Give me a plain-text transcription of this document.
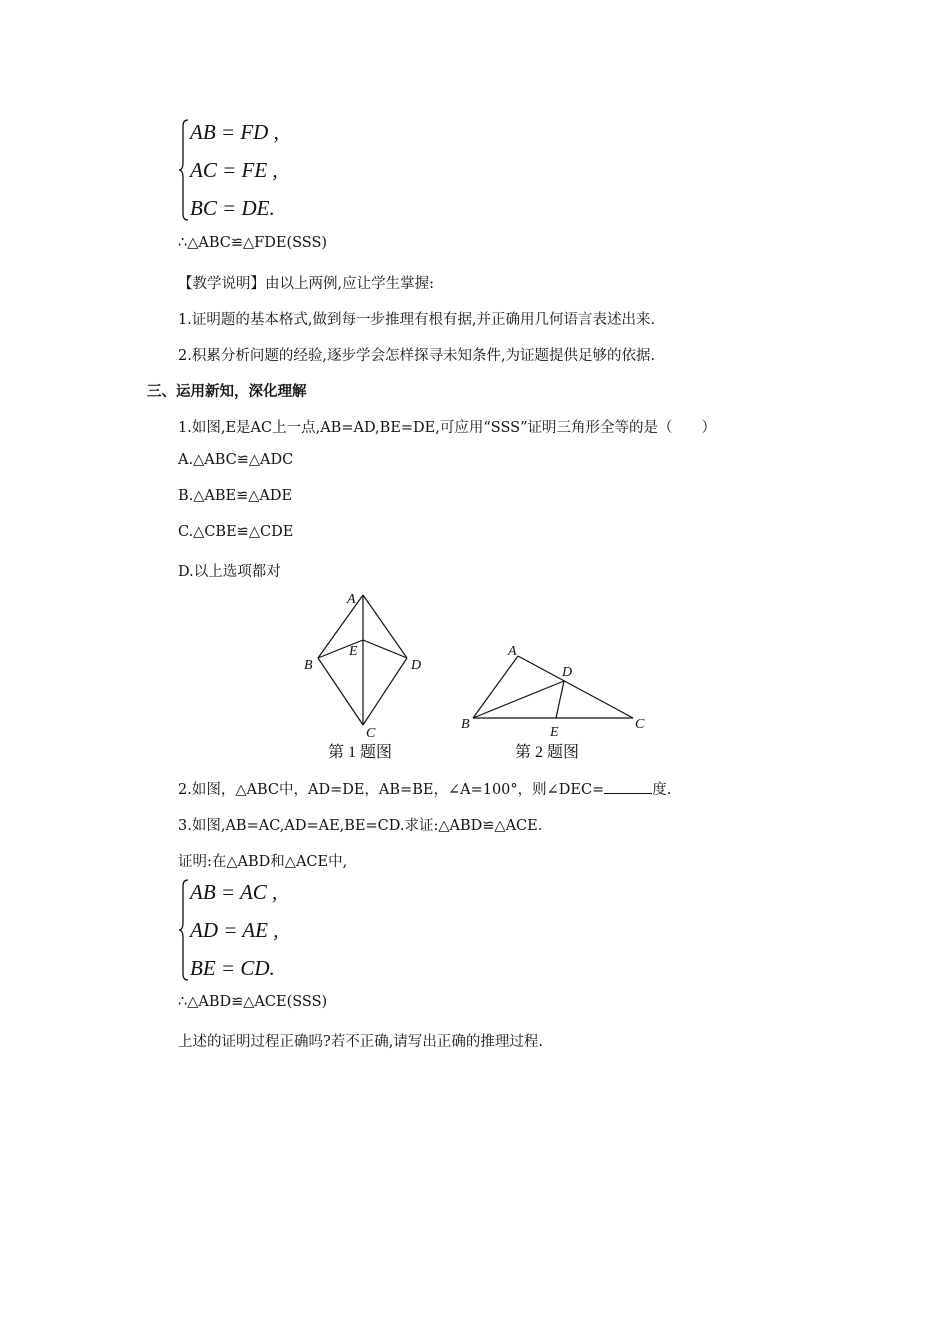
AB = FD ,
AC = FE ,
BC = DE.
∴△ABC≌△FDE(SSS)
【教学说明】由以上两例,应让学生掌握:
1.证明题的基本格式,做到每一步推理有根有据,并正确用几何语言表述出来.
2.积累分析问题的经验,逐步学会怎样探寻未知条件,为证题提供足够的依据.
三、运用新知，深化理解
1.如图,E是AC上一点,AB=AD,BE=DE,可应用“SSS”证明三角形全等的是（　　）
A.△ABC≌△ADC
B.△ABE≌△ADE
C.△CBE≌△CDE
D.以上选项都对
A
B
E
D
C
第 1 题图
A
D
B
E
C
第 2 题图
2.如图，△ABC中，AD=DE，AB=BE，∠A=100°，则∠DEC=	度.
3.如图,AB=AC,AD=AE,BE=CD.求证:△ABD≌△ACE.
证明:在△ABD和△ACE中,
AB = AC ,
AD = AE ,
BE = CD.
∴△ABD≌△ACE(SSS)
上述的证明过程正确吗?若不正确,请写出正确的推理过程.
